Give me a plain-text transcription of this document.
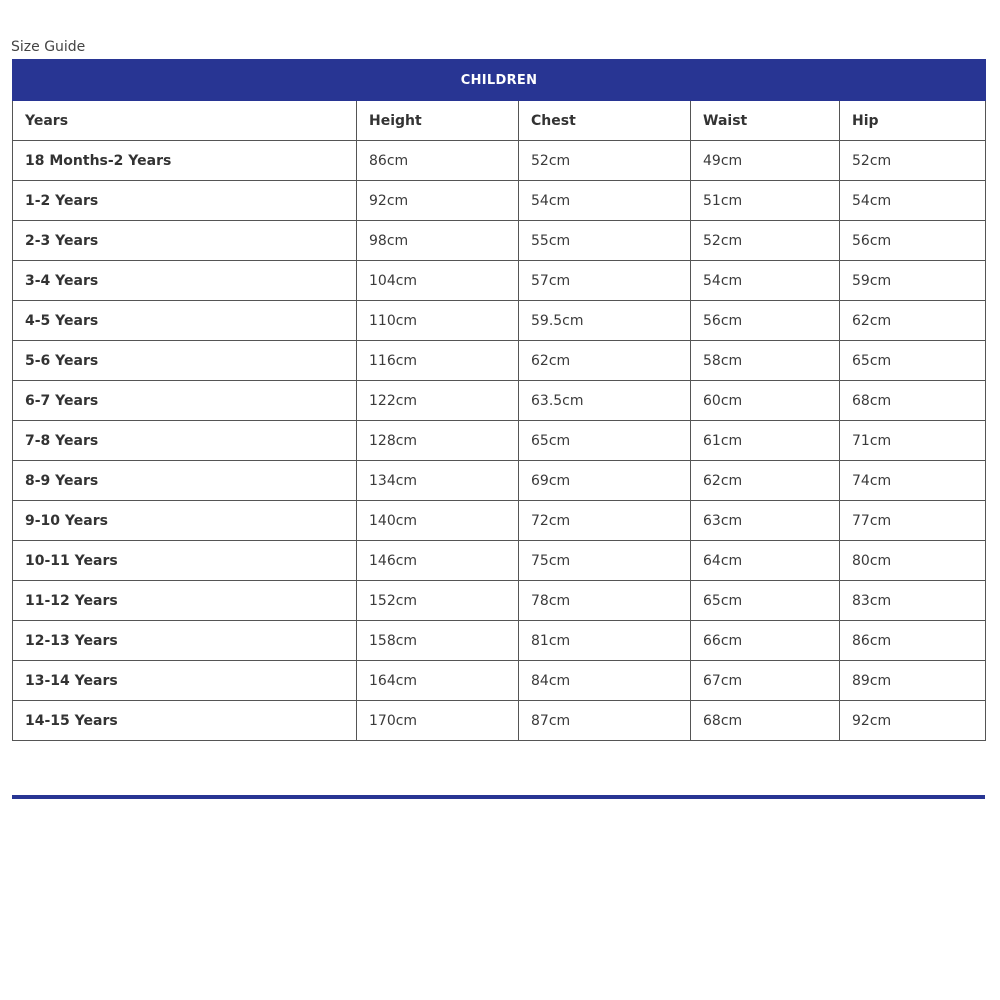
Size Guide
CHILDREN				
Years	Height	Chest	Waist	Hip
18 Months-2 Years	86cm	52cm	49cm	52cm
1-2 Years	92cm	54cm	51cm	54cm
2-3 Years	98cm	55cm	52cm	56cm
3-4 Years	104cm	57cm	54cm	59cm
4-5 Years	110cm	59.5cm	56cm	62cm
5-6 Years	116cm	62cm	58cm	65cm
6-7 Years	122cm	63.5cm	60cm	68cm
7-8 Years	128cm	65cm	61cm	71cm
8-9 Years	134cm	69cm	62cm	74cm
9-10 Years	140cm	72cm	63cm	77cm
10-11 Years	146cm	75cm	64cm	80cm
11-12 Years	152cm	78cm	65cm	83cm
12-13 Years	158cm	81cm	66cm	86cm
13-14 Years	164cm	84cm	67cm	89cm
14-15 Years	170cm	87cm	68cm	92cm
